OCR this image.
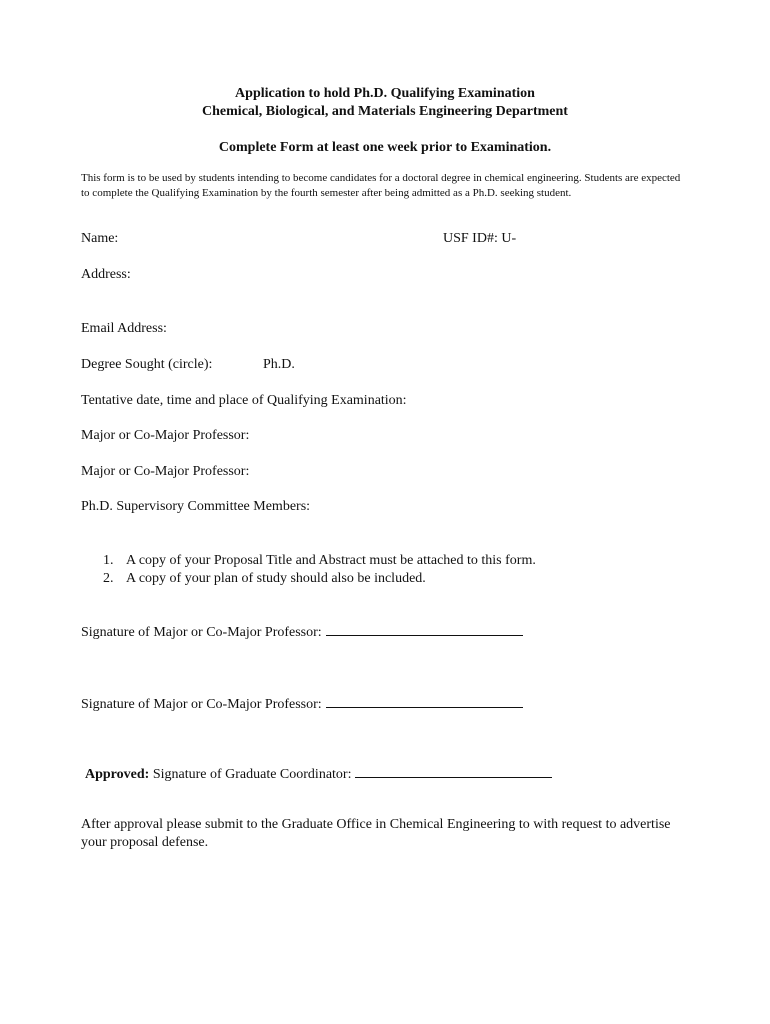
Application to hold Ph.D. Qualifying Examination
Chemical, Biological, and Materials Engineering Department
Complete Form at least one week prior to Examination.
This form is to be used by students intending to become candidates for a doctoral degree in chemical engineering. Students are expected to complete the Qualifying Examination by the fourth semester after being admitted as a Ph.D. seeking student.
Name:	USF ID#: U-
Address:
Email Address:
Degree Sought (circle):	Ph.D.
Tentative date, time and place of Qualifying Examination:
Major or Co-Major Professor:
Major or Co-Major Professor:
Ph.D. Supervisory Committee Members:
1. A copy of your Proposal Title and Abstract must be attached to this form.
2. A copy of your plan of study should also be included.
Signature of Major or Co-Major Professor:
Signature of Major or Co-Major Professor:
Approved: Signature of Graduate Coordinator:
After approval please submit to the Graduate Office in Chemical Engineering to with request to advertise your proposal defense.
